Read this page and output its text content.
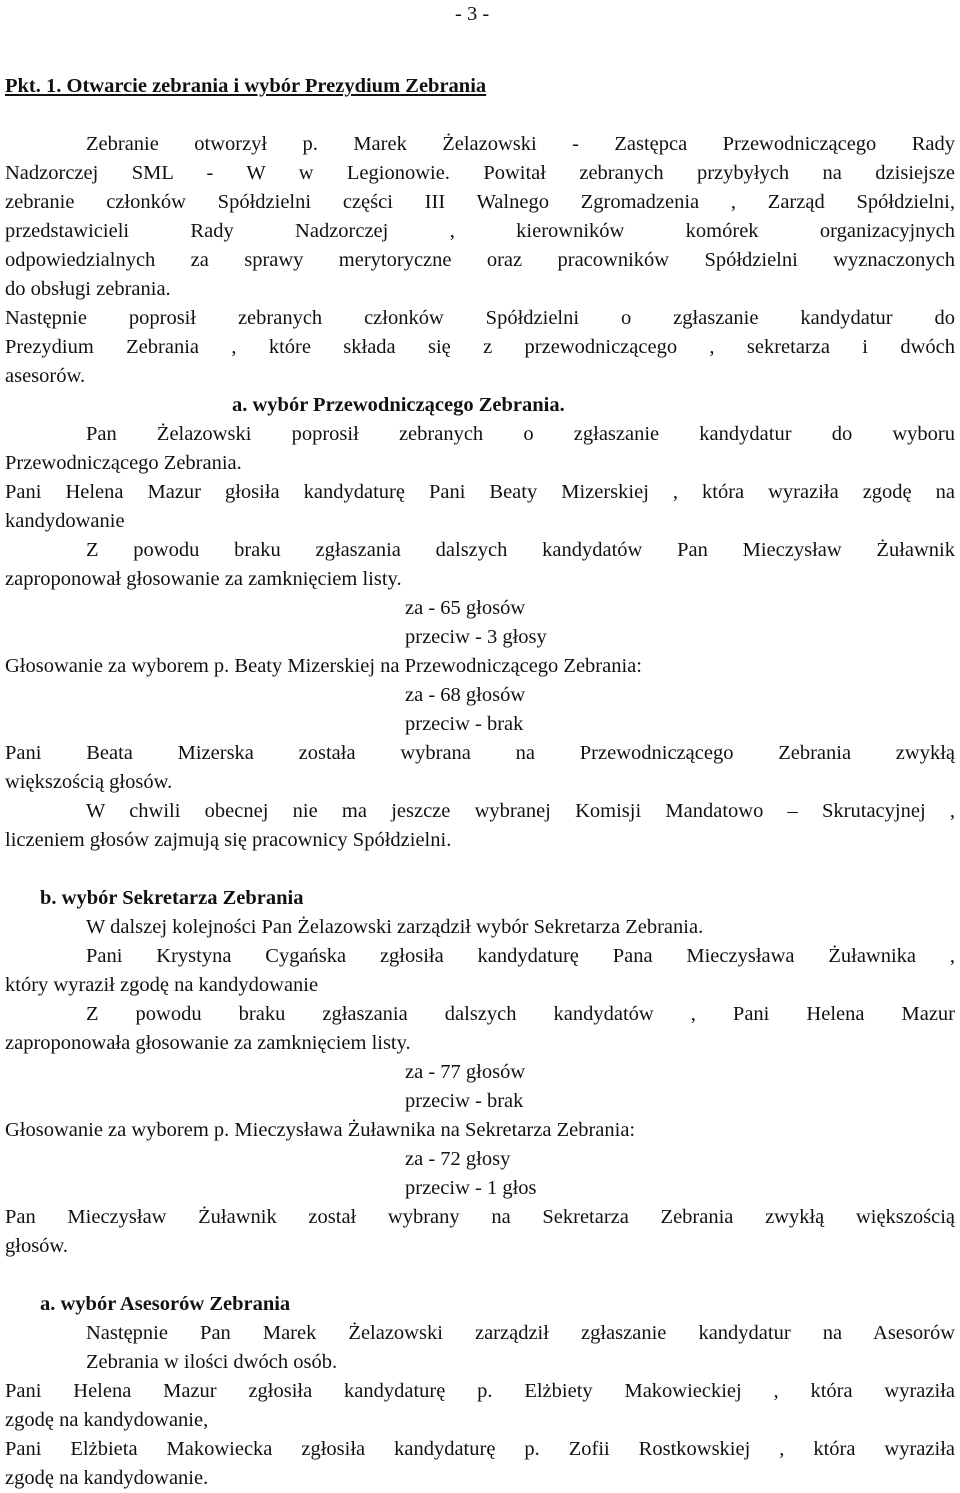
- 3 -
Pkt. 1. Otwarcie zebrania i wybór Prezydium Zebrania
Zebranie otworzył p. Marek Żelazowski - Zastępca Przewodniczącego Rady
Nadzorczej SML - W w Legionowie. Powitał zebranych przybyłych na dzisiejsze
zebranie członków Spółdzielni części III Walnego Zgromadzenia , Zarząd Spółdzielni,
przedstawicieli Rady Nadzorczej , kierowników komórek organizacyjnych
odpowiedzialnych za sprawy merytoryczne oraz pracowników Spółdzielni wyznaczonych
do obsługi zebrania.
Następnie poprosił zebranych członków Spółdzielni o zgłaszanie kandydatur do
Prezydium Zebrania , które składa się z przewodniczącego , sekretarza i dwóch
asesorów.
a. wybór Przewodniczącego Zebrania.
Pan Żelazowski poprosił zebranych o zgłaszanie kandydatur do wyboru
Przewodniczącego Zebrania.
Pani Helena Mazur głosiła kandydaturę Pani Beaty Mizerskiej , która wyraziła zgodę na
kandydowanie
Z powodu braku zgłaszania dalszych kandydatów Pan Mieczysław Żuławnik
zaproponował głosowanie za zamknięciem listy.
za - 65 głosów
przeciw - 3 głosy
Głosowanie za wyborem p. Beaty Mizerskiej na Przewodniczącego Zebrania:
za - 68 głosów
przeciw - brak
Pani Beata Mizerska została wybrana na Przewodniczącego Zebrania zwykłą
większością głosów.
W chwili obecnej nie ma jeszcze wybranej Komisji Mandatowo – Skrutacyjnej ,
liczeniem głosów zajmują się pracownicy Spółdzielni.
b. wybór Sekretarza Zebrania
W dalszej kolejności Pan Żelazowski zarządził wybór Sekretarza Zebrania.
Pani Krystyna Cygańska zgłosiła kandydaturę Pana Mieczysława Żuławnika ,
który wyraził zgodę na kandydowanie
Z powodu braku zgłaszania dalszych kandydatów , Pani Helena Mazur
zaproponowała głosowanie za zamknięciem listy.
za - 77 głosów
przeciw - brak
Głosowanie za wyborem p. Mieczysława Żuławnika na Sekretarza Zebrania:
za - 72 głosy
przeciw - 1 głos
Pan Mieczysław Żuławnik został wybrany na Sekretarza Zebrania zwykłą większością
głosów.
a. wybór Asesorów Zebrania
Następnie Pan Marek Żelazowski zarządził zgłaszanie kandydatur na Asesorów
Zebrania w ilości dwóch osób.
Pani Helena Mazur zgłosiła kandydaturę p. Elżbiety Makowieckiej , która wyraziła
zgodę na kandydowanie,
Pani Elżbieta Makowiecka zgłosiła kandydaturę p. Zofii Rostkowskiej , która wyraziła
zgodę na kandydowanie.
